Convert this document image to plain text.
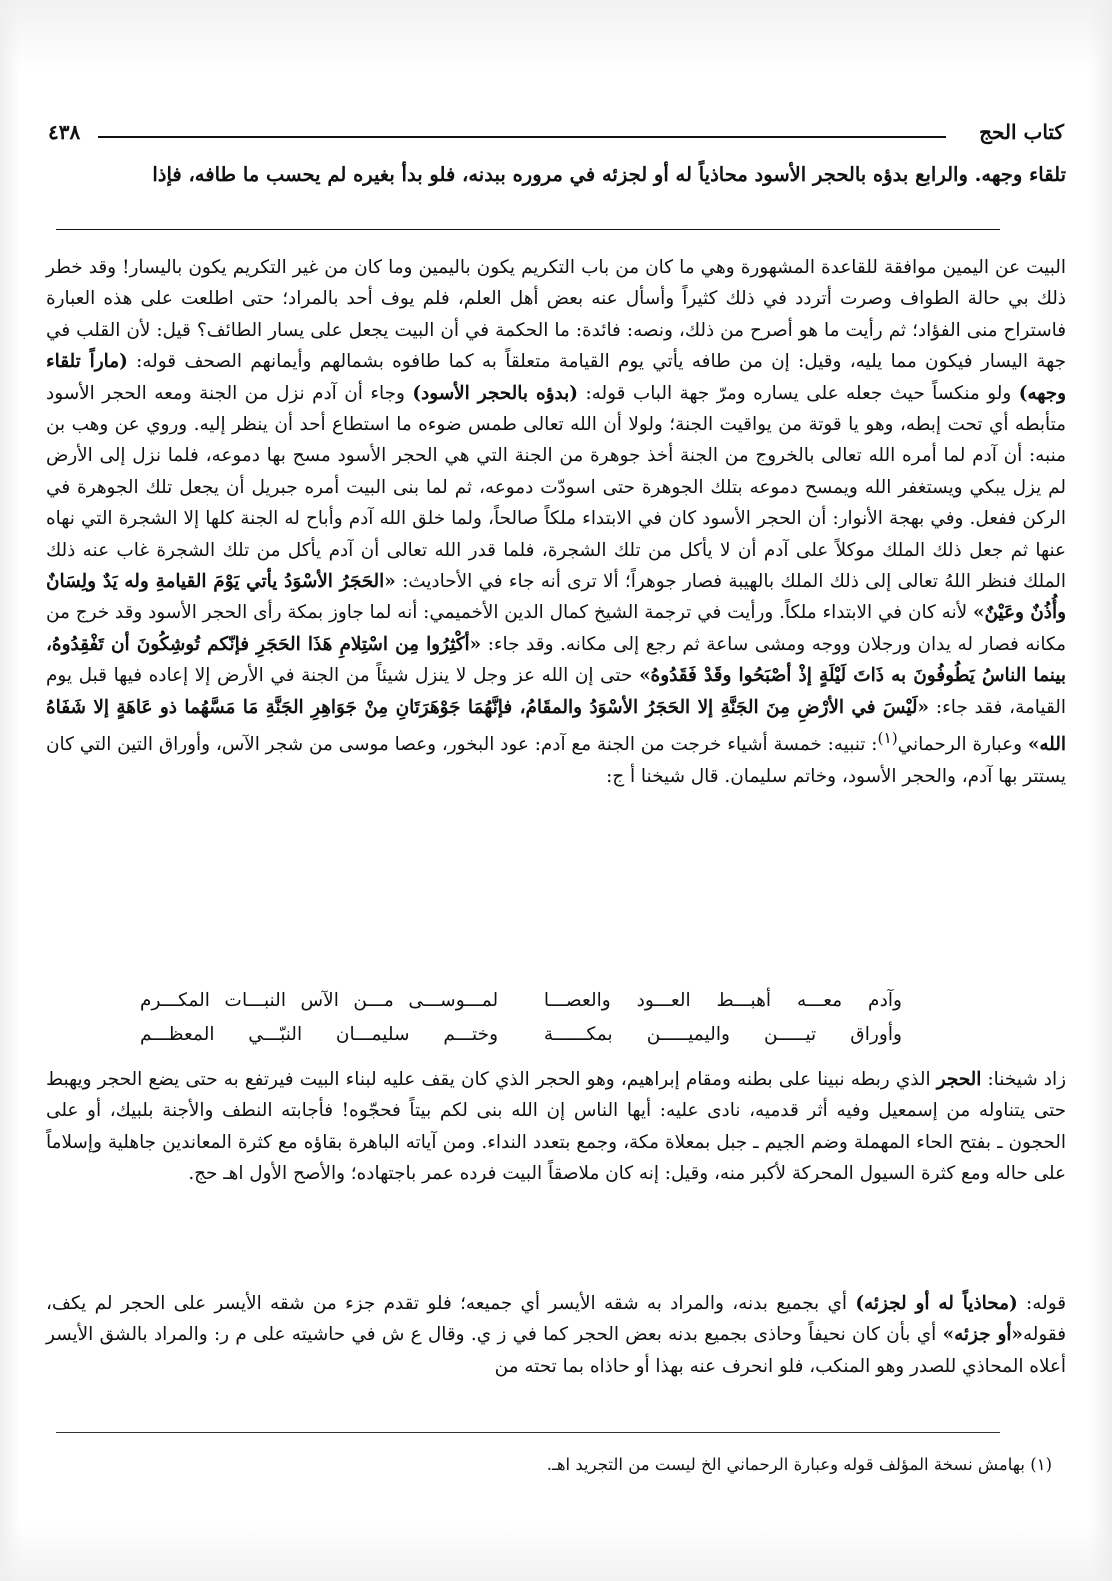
٤٣٨	كتاب الحج
تلقاء وجهه. والرابع بدؤه بالحجر الأسود محاذياً له أو لجزئه في مروره ببدنه، فلو بدأ بغيره لم يحسب ما طافه، فإذا

البيت عن اليمين موافقة للقاعدة المشهورة وهي ما كان من باب التكريم يكون باليمين وما كان من غير التكريم يكون باليسار! وقد خطر ذلك بي حالة الطواف وصرت أتردد في ذلك كثيراً وأسأل عنه بعض أهل العلم، فلم يوف أحد بالمراد؛ حتى اطلعت على هذه العبارة فاستراح منى الفؤاد؛ ثم رأيت ما هو أصرح من ذلك، ونصه: فائدة: ما الحكمة في أن البيت يجعل على يسار الطائف؟ قيل: لأن القلب في جهة اليسار فيكون مما يليه، وقيل: إن من طافه يأتي يوم القيامة متعلقاً به كما طافوه بشمالهم وأيمانهم الصحف قوله: (ماراً تلقاء وجهه) ولو منكساً حيث جعله على يساره ومرّ جهة الباب قوله: (بدؤه بالحجر الأسود) وجاء أن آدم نزل من الجنة ومعه الحجر الأسود متأبطه أي تحت إبطه، وهو يا قوتة من يواقيت الجنة؛ ولولا أن الله تعالى طمس ضوءه ما استطاع أحد أن ينظر إليه. وروي عن وهب بن منبه: أن آدم لما أمره الله تعالى بالخروج من الجنة أخذ جوهرة من الجنة التي هي الحجر الأسود مسح بها دموعه، فلما نزل إلى الأرض لم يزل يبكي ويستغفر الله ويمسح دموعه بتلك الجوهرة حتى اسودّت دموعه، ثم لما بنى البيت أمره جبريل أن يجعل تلك الجوهرة في الركن ففعل. وفي بهجة الأنوار: أن الحجر الأسود كان في الابتداء ملكاً صالحاً، ولما خلق الله آدم وأباح له الجنة كلها إلا الشجرة التي نهاه عنها ثم جعل ذلك الملك موكلاً على آدم أن لا يأكل من تلك الشجرة، فلما قدر الله تعالى أن آدم يأكل من تلك الشجرة غاب عنه ذلك الملك فنظر اللهُ تعالى إلى ذلك الملك بالهيبة فصار جوهراً؛ ألا ترى أنه جاء في الأحاديث: «الحَجَرُ الأسْوَدُ يأتي يَوْمَ القيامةِ وله يَدٌ ولِسَانٌ وأُذُنٌ وعَيْنٌ» لأنه كان في الابتداء ملكاً. ورأيت في ترجمة الشيخ كمال الدين الأخميمي: أنه لما جاوز بمكة رأى الحجر الأسود وقد خرج من مكانه فصار له يدان ورجلان ووجه ومشى ساعة ثم رجع إلى مكانه. وقد جاء: «أكْثِرُوا مِن اسْتِلامِ هَذَا الحَجَرِ فإنّكم تُوشِكُونَ أن تَفْقِدُوهُ، بينما الناسُ يَطُوفُونَ به ذَاتَ لَيْلَةٍ إذْ أصْبَحُوا وقَدْ فَقَدُوهُ» حتى إن الله عز وجل لا ينزل شيئاً من الجنة في الأرض إلا إعاده فيها قبل يوم القيامة، فقد جاء: «لَيْسَ في الأرْضِ مِنَ الجَنَّةِ إلا الحَجَرُ الأسْوَدُ والمقَامُ، فإنَّهُمَا جَوْهَرَتَانِ مِنْ جَوَاهِرِ الجَنَّةِ مَا مَسَّهُما ذو عَاهَةٍ إلا شَفَاهُ الله» وعبارة الرحماني$^{(١)}$: تنبيه: خمسة أشياء خرجت من الجنة مع آدم: عود البخور، وعصا موسى من شجر الآس، وأوراق التين التي كان يستتر بها آدم، والحجر الأسود، وخاتم سليمان. قال شيخنا أ ج:

وآدم معـــه أهبـــط العـــود والعصـــا
لمـــوســـى مـــن الآس النبـــات المكـــرم
وأوراق تيـــــن واليميـــــن بمكــــــة
وختـــم سليمـــان النبّـــي المعظـــم

زاد شيخنا: الحجر الذي ربطه نبينا على بطنه ومقام إبراهيم، وهو الحجر الذي كان يقف عليه لبناء البيت فيرتفع به حتى يضع الحجر ويهبط حتى يتناوله من إسمعيل وفيه أثر قدميه، نادى عليه: أيها الناس إن الله بنى لكم بيتاً فحجّوه! فأجابته النطف والأجنة بلبيك، أو على الحجون ـ بفتح الحاء المهملة وضم الجيم ـ جبل بمعلاة مكة، وجمع بتعدد النداء. ومن آياته الباهرة بقاؤه مع كثرة المعاندين جاهلية وإسلاماً على حاله ومع كثرة السيول المحركة لأكبر منه، وقيل: إنه كان ملاصقاً البيت فرده عمر باجتهاده؛ والأصح الأول اهـ حج.

قوله: (محاذياً له أو لجزئه) أي بجميع بدنه، والمراد به شقه الأيسر أي جميعه؛ فلو تقدم جزء من شقه الأيسر على الحجر لم يكف، فقوله«أو جزئه» أي بأن كان نحيفاً وحاذى بجميع بدنه بعض الحجر كما في ز ي. وقال ع ش في حاشيته على م ر: والمراد بالشق الأيسر أعلاه المحاذي للصدر وهو المنكب، فلو انحرف عنه بهذا أو حاذاه بما تحته من

(١) بهامش نسخة المؤلف قوله وعبارة الرحماني الخ ليست من التجريد اهـ.
